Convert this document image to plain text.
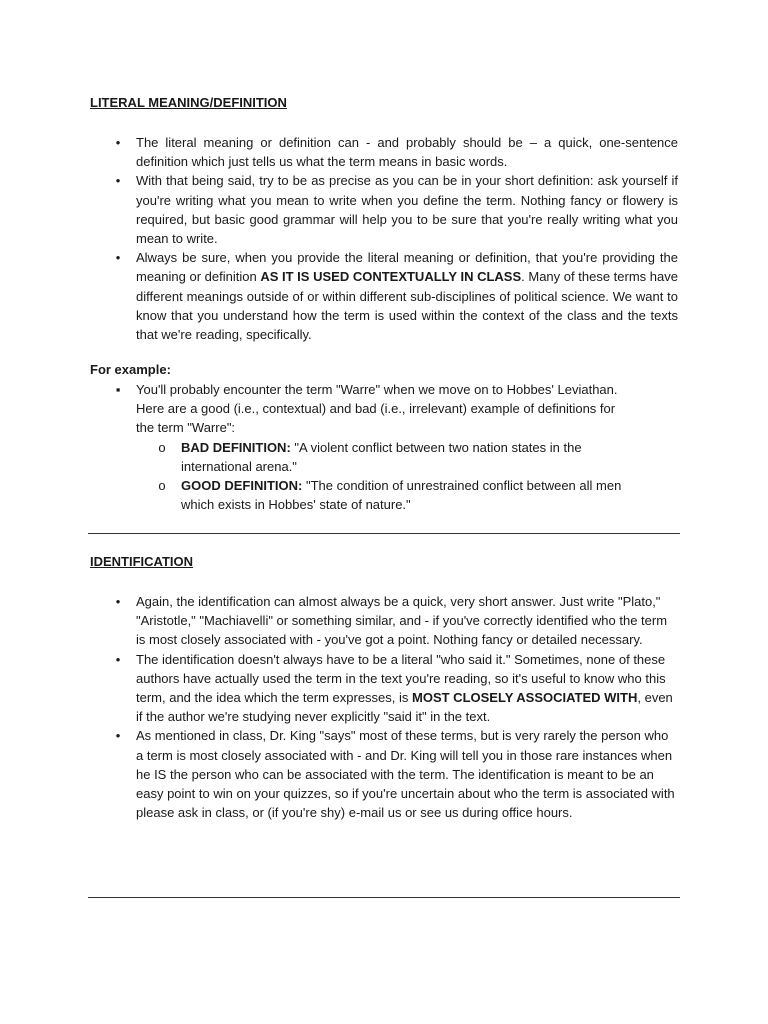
LITERAL MEANING/DEFINITION
• The literal meaning or definition can - and probably should be – a quick, one-sentence definition which just tells us what the term means in basic words.
• With that being said, try to be as precise as you can be in your short definition: ask yourself if you're writing what you mean to write when you define the term. Nothing fancy or flowery is required, but basic good grammar will help you to be sure that you're really writing what you mean to write.
• Always be sure, when you provide the literal meaning or definition, that you're providing the meaning or definition AS IT IS USED CONTEXTUALLY IN CLASS. Many of these terms have different meanings outside of or within different sub-disciplines of political science. We want to know that you understand how the term is used within the context of the class and the texts that we're reading, specifically.
For example:
▪ You'll probably encounter the term "Warre" when we move on to Hobbes' Leviathan. Here are a good (i.e., contextual) and bad (i.e., irrelevant) example of definitions for the term "Warre":
o BAD DEFINITION: "A violent conflict between two nation states in the international arena."
o GOOD DEFINITION: "The condition of unrestrained conflict between all men which exists in Hobbes' state of nature."
IDENTIFICATION
• Again, the identification can almost always be a quick, very short answer. Just write "Plato," "Aristotle," "Machiavelli" or something similar, and - if you've correctly identified who the term is most closely associated with - you've got a point. Nothing fancy or detailed necessary.
• The identification doesn't always have to be a literal "who said it." Sometimes, none of these authors have actually used the term in the text you're reading, so it's useful to know who this term, and the idea which the term expresses, is MOST CLOSELY ASSOCIATED WITH, even if the author we're studying never explicitly "said it" in the text.
• As mentioned in class, Dr. King "says" most of these terms, but is very rarely the person who a term is most closely associated with - and Dr. King will tell you in those rare instances when he IS the person who can be associated with the term. The identification is meant to be an easy point to win on your quizzes, so if you're uncertain about who the term is associated with please ask in class, or (if you're shy) e-mail us or see us during office hours.
